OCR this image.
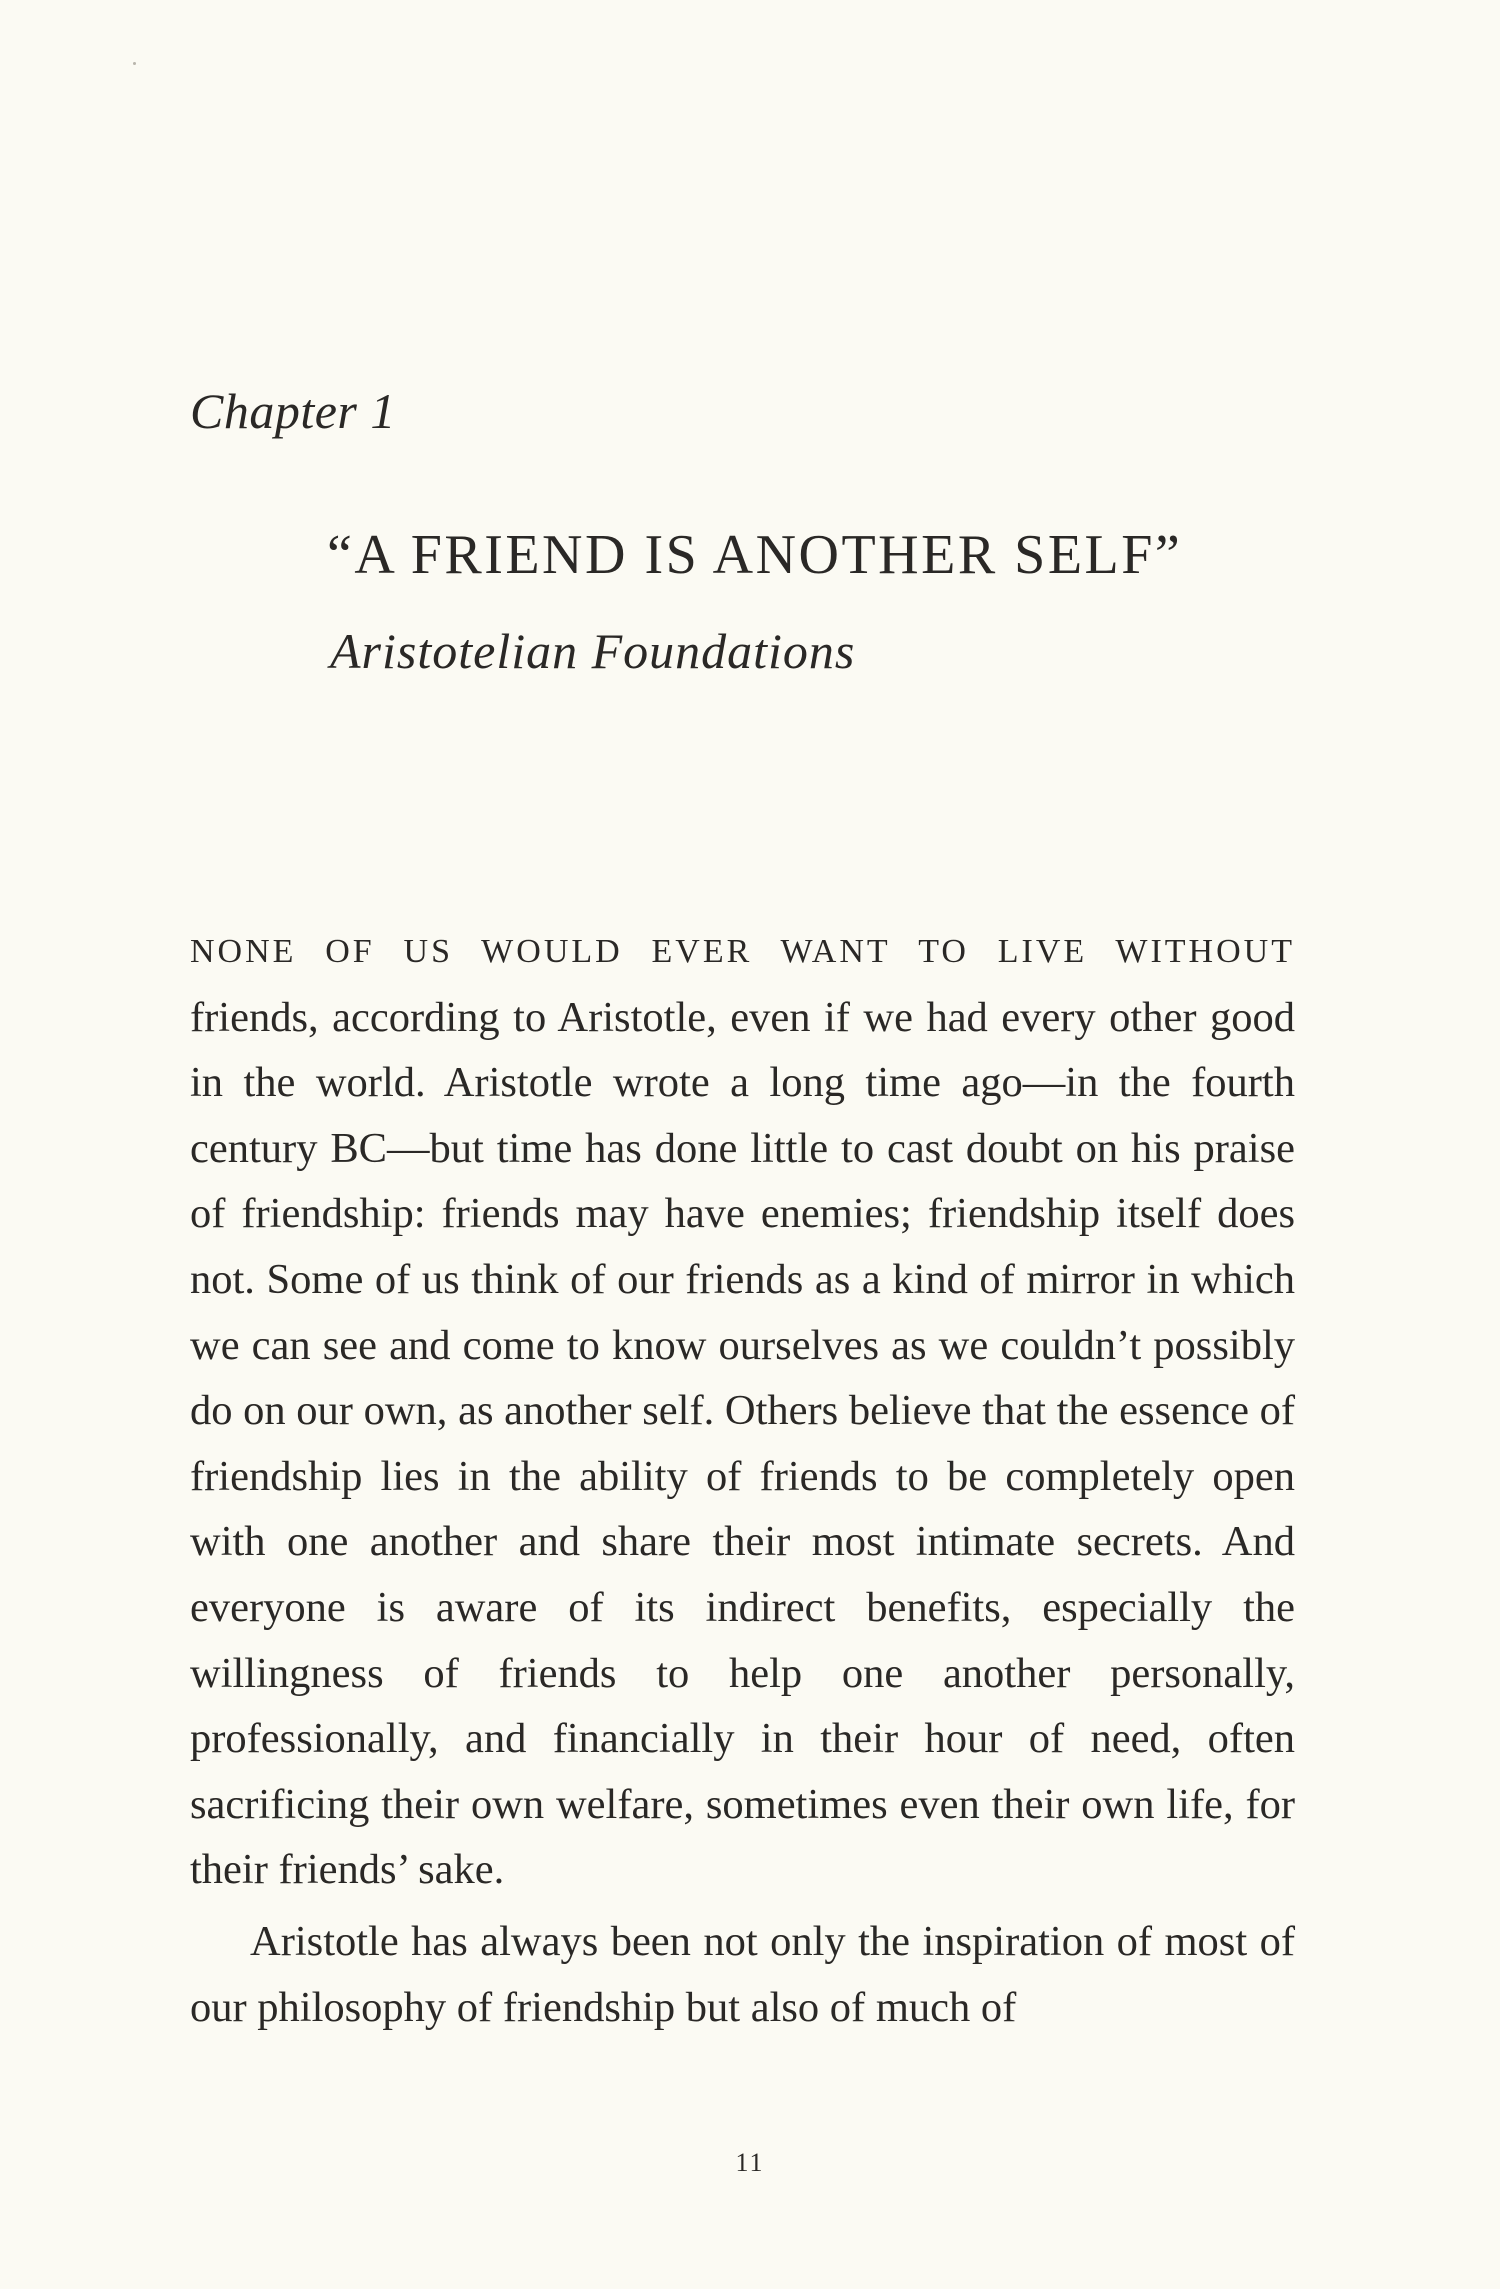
Chapter 1
“A FRIEND IS ANOTHER SELF”
Aristotelian Foundations

NONE OF US WOULD EVER WANT TO LIVE WITHOUT friends, according to Aristotle, even if we had every other good in the world. Aristotle wrote a long time ago—in the fourth century BC—but time has done little to cast doubt on his praise of friendship: friends may have enemies; friendship itself does not. Some of us think of our friends as a kind of mirror in which we can see and come to know ourselves as we couldn’t possibly do on our own, as another self. Others believe that the essence of friendship lies in the ability of friends to be completely open with one another and share their most intimate secrets. And everyone is aware of its indirect benefits, especially the willingness of friends to help one another personally, professionally, and financially in their hour of need, often sacrificing their own welfare, sometimes even their own life, for their friends’ sake.

Aristotle has always been not only the inspiration of most of our philosophy of friendship but also of much of

11
